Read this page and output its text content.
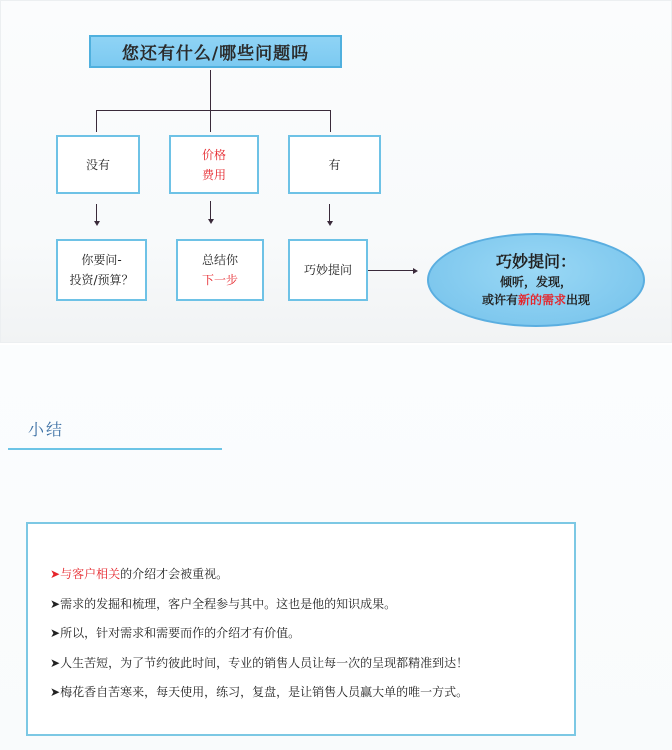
您还有什么/哪些问题吗
没有
价格
费用
有
你要问-
投资/预算？
总结你
下一步
巧妙提问	巧妙提问：
倾听，发现，
或许有新的需求出现
小结
➤与客户相关的介绍才会被重视。
➤需求的发掘和梳理，客户全程参与其中。这也是他的知识成果。
➤所以，针对需求和需要而作的介绍才有价值。
➤人生苦短，为了节约彼此时间，专业的销售人员让每一次的呈现都精准到达！
➤梅花香自苦寒来，每天使用，练习，复盘，是让销售人员赢大单的唯一方式。
